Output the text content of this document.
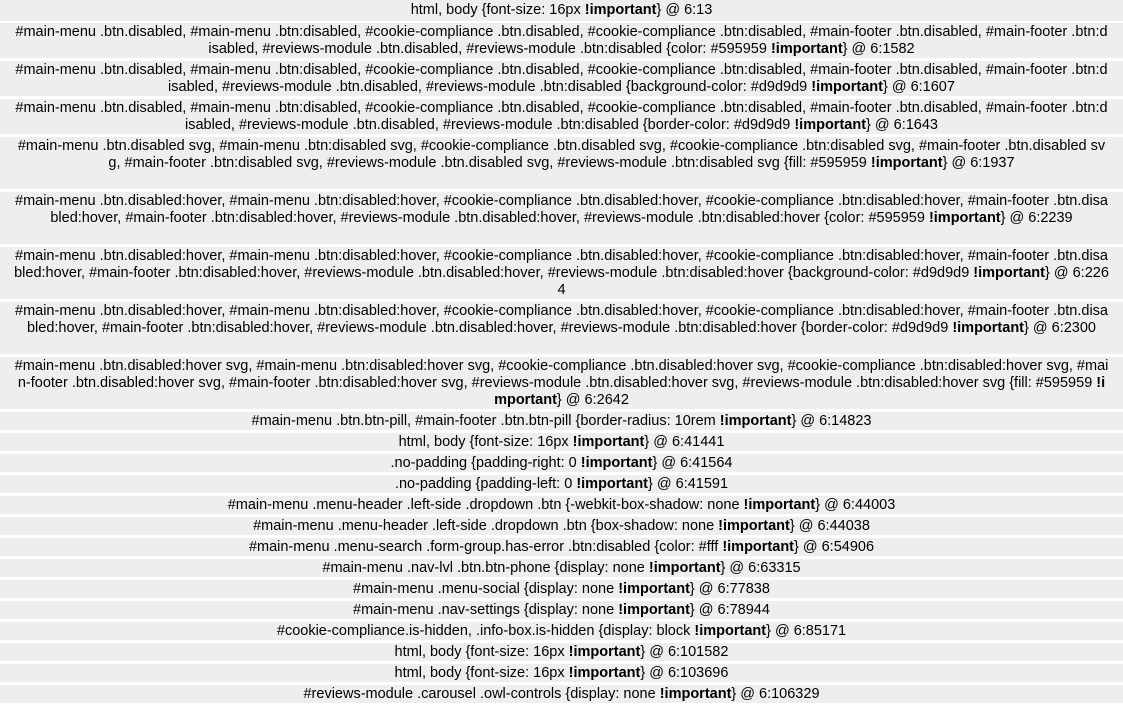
html, body {font-size: 16px !important} @ 6:13
#main-menu .btn.disabled, #main-menu .btn:disabled, #cookie-compliance .btn.disabled, #cookie-compliance .btn:disabled, #main-footer .btn.disabled, #main-footer .btn:disabled, #reviews-module .btn.disabled, #reviews-module .btn:disabled {color: #595959 !important} @ 6:1582
#main-menu .btn.disabled, #main-menu .btn:disabled, #cookie-compliance .btn.disabled, #cookie-compliance .btn:disabled, #main-footer .btn.disabled, #main-footer .btn:disabled, #reviews-module .btn.disabled, #reviews-module .btn:disabled {background-color: #d9d9d9 !important} @ 6:1607
#main-menu .btn.disabled, #main-menu .btn:disabled, #cookie-compliance .btn.disabled, #cookie-compliance .btn:disabled, #main-footer .btn.disabled, #main-footer .btn:disabled, #reviews-module .btn.disabled, #reviews-module .btn:disabled {border-color: #d9d9d9 !important} @ 6:1643
#main-menu .btn.disabled svg, #main-menu .btn:disabled svg, #cookie-compliance .btn.disabled svg, #cookie-compliance .btn:disabled svg, #main-footer .btn.disabled svg, #main-footer .btn:disabled svg, #reviews-module .btn.disabled svg, #reviews-module .btn:disabled svg {fill: #595959 !important} @ 6:1937
#main-menu .btn.disabled:hover, #main-menu .btn:disabled:hover, #cookie-compliance .btn.disabled:hover, #cookie-compliance .btn:disabled:hover, #main-footer .btn.disabled:hover, #main-footer .btn:disabled:hover, #reviews-module .btn.disabled:hover, #reviews-module .btn:disabled:hover {color: #595959 !important} @ 6:2239
#main-menu .btn.disabled:hover, #main-menu .btn:disabled:hover, #cookie-compliance .btn.disabled:hover, #cookie-compliance .btn:disabled:hover, #main-footer .btn.disabled:hover, #main-footer .btn:disabled:hover, #reviews-module .btn.disabled:hover, #reviews-module .btn:disabled:hover {background-color: #d9d9d9 !important} @ 6:2264
#main-menu .btn.disabled:hover, #main-menu .btn:disabled:hover, #cookie-compliance .btn.disabled:hover, #cookie-compliance .btn:disabled:hover, #main-footer .btn.disabled:hover, #main-footer .btn:disabled:hover, #reviews-module .btn.disabled:hover, #reviews-module .btn:disabled:hover {border-color: #d9d9d9 !important} @ 6:2300
#main-menu .btn.disabled:hover svg, #main-menu .btn:disabled:hover svg, #cookie-compliance .btn.disabled:hover svg, #cookie-compliance .btn:disabled:hover svg, #main-footer .btn.disabled:hover svg, #main-footer .btn:disabled:hover svg, #reviews-module .btn.disabled:hover svg, #reviews-module .btn:disabled:hover svg {fill: #595959 !important} @ 6:2642
#main-menu .btn.btn-pill, #main-footer .btn.btn-pill {border-radius: 10rem !important} @ 6:14823
html, body {font-size: 16px !important} @ 6:41441
.no-padding {padding-right: 0 !important} @ 6:41564
.no-padding {padding-left: 0 !important} @ 6:41591
#main-menu .menu-header .left-side .dropdown .btn {-webkit-box-shadow: none !important} @ 6:44003
#main-menu .menu-header .left-side .dropdown .btn {box-shadow: none !important} @ 6:44038
#main-menu .menu-search .form-group.has-error .btn:disabled {color: #fff !important} @ 6:54906
#main-menu .nav-lvl .btn.btn-phone {display: none !important} @ 6:63315
#main-menu .menu-social {display: none !important} @ 6:77838
#main-menu .nav-settings {display: none !important} @ 6:78944
#cookie-compliance.is-hidden, .info-box.is-hidden {display: block !important} @ 6:85171
html, body {font-size: 16px !important} @ 6:101582
html, body {font-size: 16px !important} @ 6:103696
#reviews-module .carousel .owl-controls {display: none !important} @ 6:106329
